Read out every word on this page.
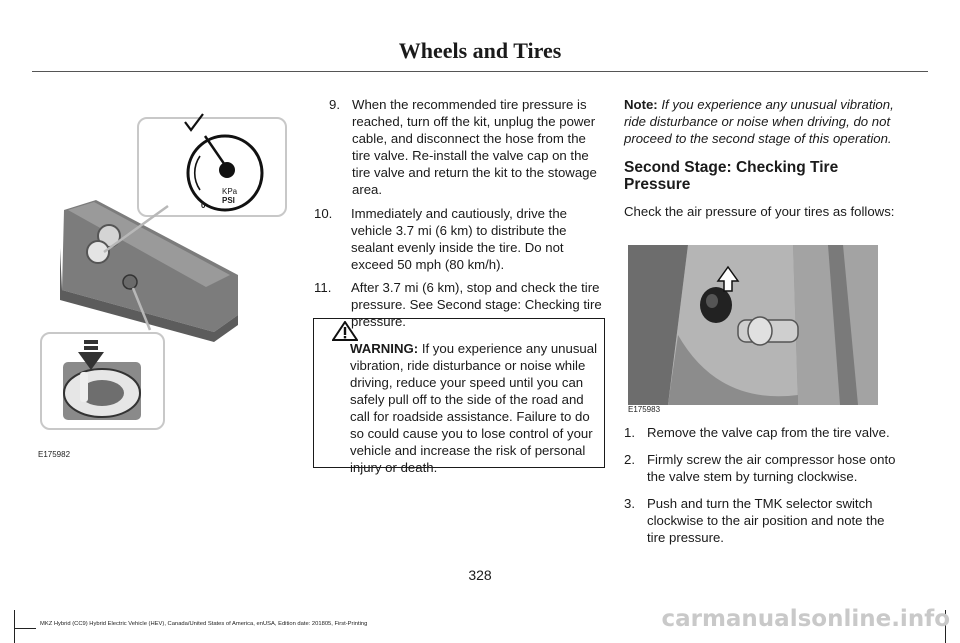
Wheels and Tires
KPa
PSI
0
E175982
9. When the recommended tire pressure is reached, turn off the kit, unplug the power cable, and disconnect the hose from the tire valve. Re-install the valve cap on the tire valve and return the kit to the stowage area.
10. Immediately and cautiously, drive the vehicle 3.7 mi (6 km) to distribute the sealant evenly inside the tire. Do not exceed 50 mph (80 km/h).
11. After 3.7 mi (6 km), stop and check the tire pressure. See Second stage: Checking tire pressure.
WARNING: If you experience any unusual vibration, ride disturbance or noise while driving, reduce your speed until you can safely pull off to the side of the road and call for roadside assistance. Failure to do so could cause you to lose control of your vehicle and increase the risk of personal injury or death.
Note: If you experience any unusual vibration, ride disturbance or noise when driving, do not proceed to the second stage of this operation.
Second Stage: Checking Tire Pressure
Check the air pressure of your tires as follows:
E175983
1. Remove the valve cap from the tire valve.
2. Firmly screw the air compressor hose onto the valve stem by turning clockwise.
3. Push and turn the TMK selector switch clockwise to the air position and note the tire pressure.
328
MKZ Hybrid (CC9) Hybrid Electric Vehicle (HEV), Canada/United States of America, enUSA, Edition date: 201805, First-Printing	carmanualsonline.info
